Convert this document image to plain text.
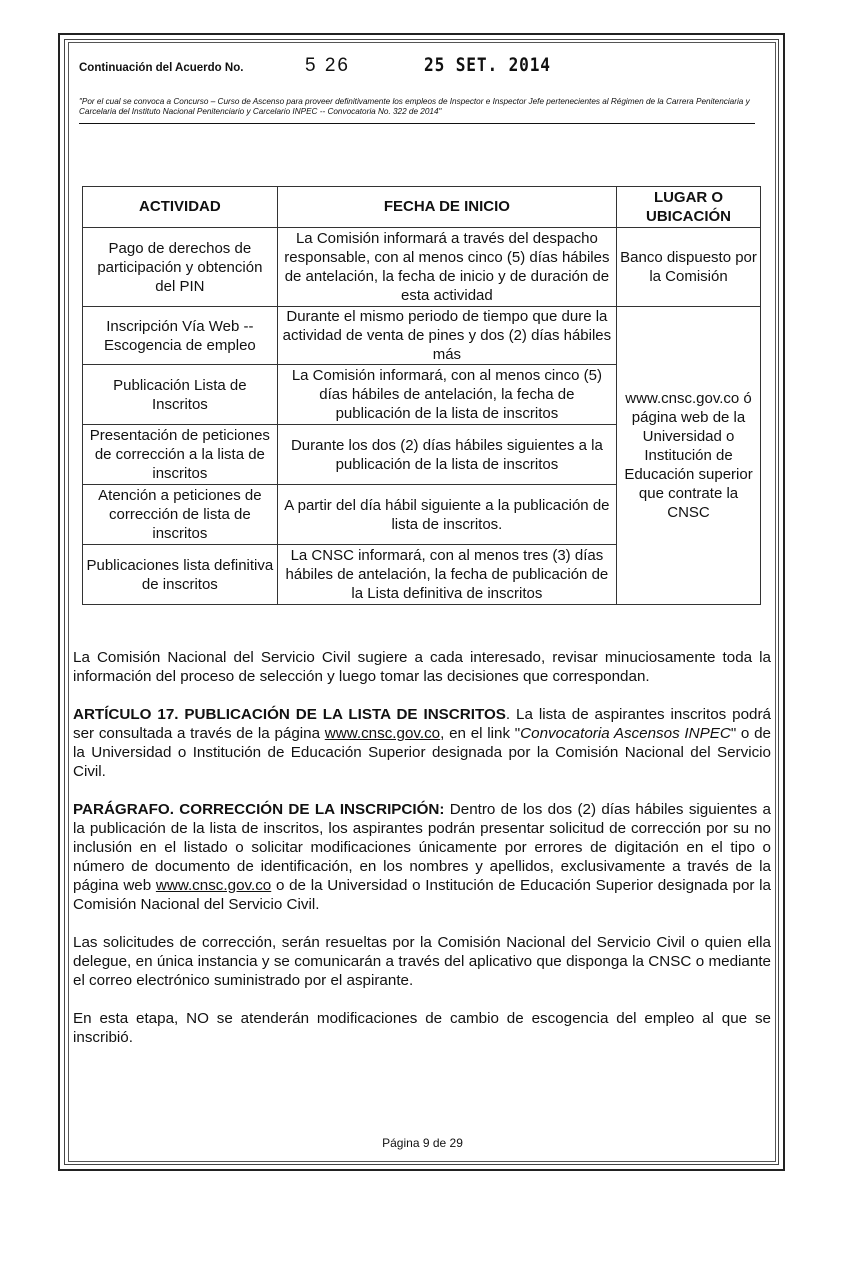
Continuación del Acuerdo No.	5 26	25 SET. 2014
"Por el cual se convoca a Concurso – Curso de Ascenso para proveer definitivamente los empleos de Inspector e Inspector Jefe pertenecientes al Régimen de la Carrera Penitenciaria y Carcelaria del Instituto Nacional Penitenciario y Carcelario INPEC -- Convocatoria No. 322 de 2014"
ACTIVIDAD	FECHA DE INICIO	LUGAR O UBICACIÓN
Pago de derechos de participación y obtención del PIN	La Comisión informará a través del despacho responsable, con al menos cinco (5) días hábiles de antelación, la fecha de inicio y de duración de esta actividad	Banco dispuesto por la Comisión
Inscripción Vía Web -- Escogencia de empleo	Durante el mismo periodo de tiempo que dure la actividad de venta de pines y dos (2) días hábiles más	www.cnsc.gov.co ó página web de la Universidad o Institución de Educación superior que contrate la CNSC
Publicación Lista de Inscritos	La Comisión informará, con al menos cinco (5) días hábiles de antelación, la fecha de publicación de la lista de inscritos	
Presentación de peticiones de corrección a la lista de inscritos	Durante los dos (2) días hábiles siguientes a la publicación de la lista de inscritos	
Atención a peticiones de corrección de lista de inscritos	A partir del día hábil siguiente a la publicación de lista de inscritos.	
Publicaciones lista definitiva de inscritos	La CNSC informará, con al menos tres (3) días hábiles de antelación, la fecha de publicación de la Lista definitiva de inscritos	
La Comisión Nacional del Servicio Civil sugiere a cada interesado, revisar minuciosamente toda la información del proceso de selección y luego tomar las decisiones que correspondan.
ARTÍCULO 17. PUBLICACIÓN DE LA LISTA DE INSCRITOS. La lista de aspirantes inscritos podrá ser consultada a través de la página www.cnsc.gov.co, en el link "Convocatoria Ascensos INPEC" o de la Universidad o Institución de Educación Superior designada por la Comisión Nacional del Servicio Civil.
PARÁGRAFO. CORRECCIÓN DE LA INSCRIPCIÓN: Dentro de los dos (2) días hábiles siguientes a la publicación de la lista de inscritos, los aspirantes podrán presentar solicitud de corrección por su no inclusión en el listado o solicitar modificaciones únicamente por errores de digitación en el tipo o número de documento de identificación, en los nombres y apellidos, exclusivamente a través de la página web www.cnsc.gov.co o de la Universidad o Institución de Educación Superior designada por la Comisión Nacional del Servicio Civil.
Las solicitudes de corrección, serán resueltas por la Comisión Nacional del Servicio Civil o quien ella delegue, en única instancia y se comunicarán a través del aplicativo que disponga la CNSC o mediante el correo electrónico suministrado por el aspirante.
En esta etapa, NO se atenderán modificaciones de cambio de escogencia del empleo al que se inscribió.
Página 9 de 29
